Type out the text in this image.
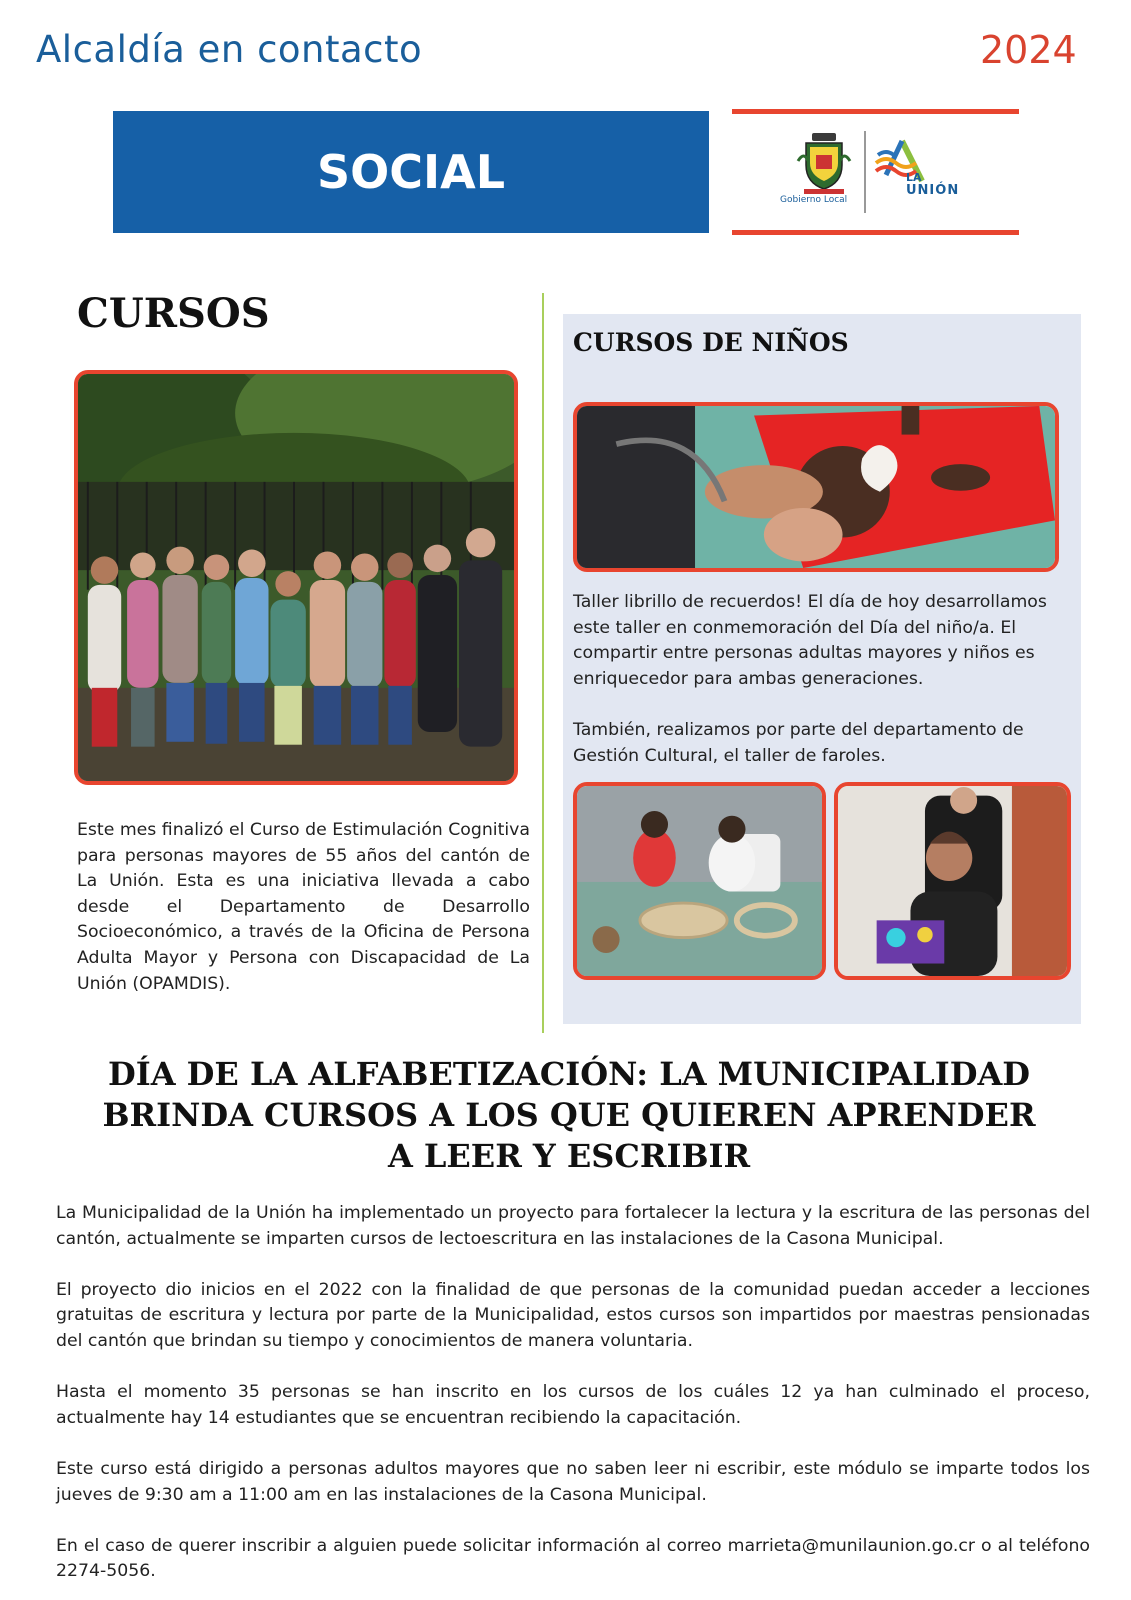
Alcaldía en contacto	2024
SOCIAL
Gobierno Local
LA
UNIÓN
CURSOS
Este mes finalizó el Curso de Estimulación Cognitiva para personas mayores de 55 años del cantón de La Unión. Esta es una iniciativa llevada a cabo desde el Departamento de Desarrollo Socioeconómico, a través de la Oficina de Persona Adulta Mayor y Persona con Discapacidad de La Unión (OPAMDIS).
CURSOS DE NIÑOS

Taller librillo de recuerdos! El día de hoy desarrollamos este taller en conmemoración del Día del niño/a. El compartir entre personas adultas mayores y niños es enriquecedor para ambas generaciones.

También, realizamos por parte del departamento de Gestión Cultural, el taller de faroles.

DÍA DE LA ALFABETIZACIÓN: LA MUNICIPALIDAD BRINDA CURSOS A LOS QUE QUIEREN APRENDER A LEER Y ESCRIBIR

La Municipalidad de la Unión ha implementado un proyecto para fortalecer la lectura y la escritura de las personas del cantón, actualmente se imparten cursos de lectoescritura en las instalaciones de la Casona Municipal.

El proyecto dio inicios en el 2022 con la finalidad de que personas de la comunidad puedan acceder a lecciones gratuitas de escritura y lectura por parte de la Municipalidad, estos cursos son impartidos por maestras pensionadas del cantón que brindan su tiempo y conocimientos de manera voluntaria.

Hasta el momento 35 personas se han inscrito en los cursos de los cuáles 12 ya han culminado el proceso, actualmente hay 14 estudiantes que se encuentran recibiendo la capacitación.

Este curso está dirigido a personas adultos mayores que no saben leer ni escribir, este módulo se imparte todos los jueves de 9:30 am a 11:00 am en las instalaciones de la Casona Municipal.

En el caso de querer inscribir a alguien puede solicitar información al correo marrieta@munilaunion.go.cr o al teléfono 2274-5056.
